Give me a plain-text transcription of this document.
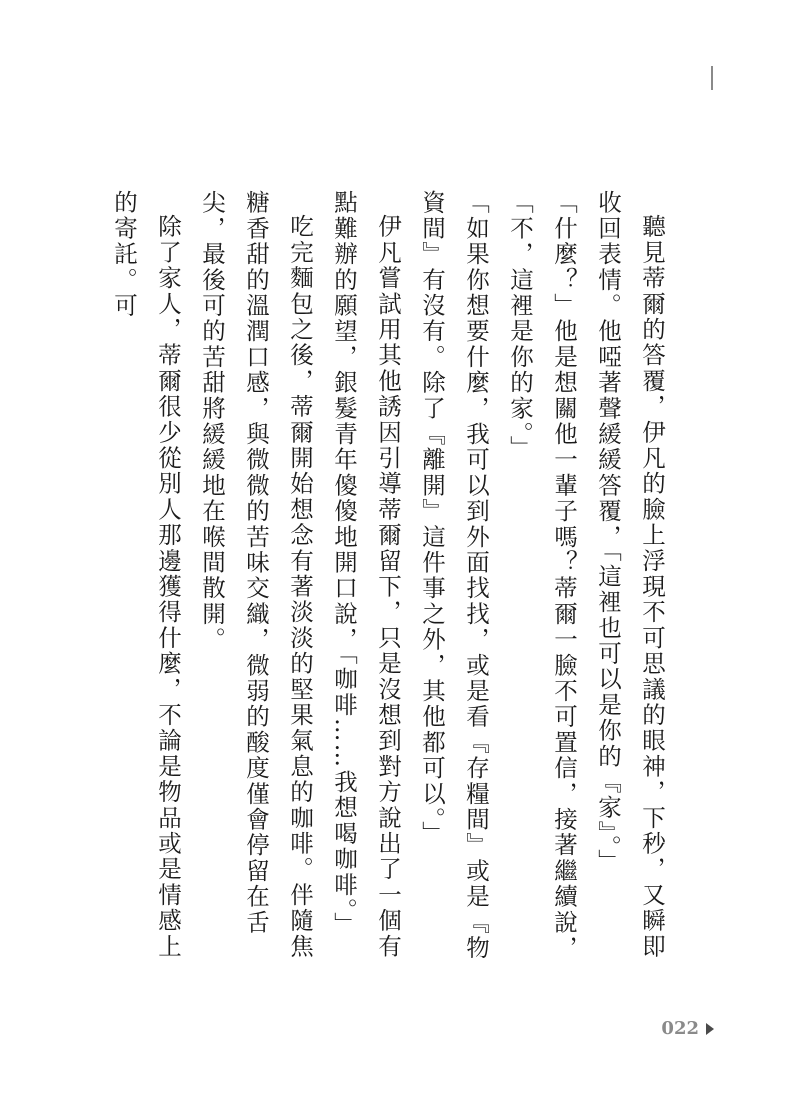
聽見蒂爾的答覆，伊凡的臉上浮現不可思議的眼神，下秒，又瞬即收回表情。他啞著聲緩緩答覆，「這裡也可以是你的『家』。」

「什麼？」他是想關他一輩子嗎？蒂爾一臉不可置信，接著繼續說，「不，這裡是你的家。」

「如果你想要什麼，我可以到外面找找，或是看『存糧間』或是『物資間』有沒有。除了『離開』這件事之外，其他都可以。」

伊凡嘗試用其他誘因引導蒂爾留下，只是沒想到對方說出了一個有點難辦的願望，銀髮青年傻傻地開口說，「咖啡……我想喝咖啡。」

吃完麵包之後，蒂爾開始想念有著淡淡的堅果氣息的咖啡。伴隨焦糖香甜的溫潤口感，與微微的苦味交織，微弱的酸度僅會停留在舌尖，最後可的苦甜將緩緩地在喉間散開。

除了家人，蒂爾很少從別人那邊獲得什麼，不論是物品或是情感上的寄託。可

022
